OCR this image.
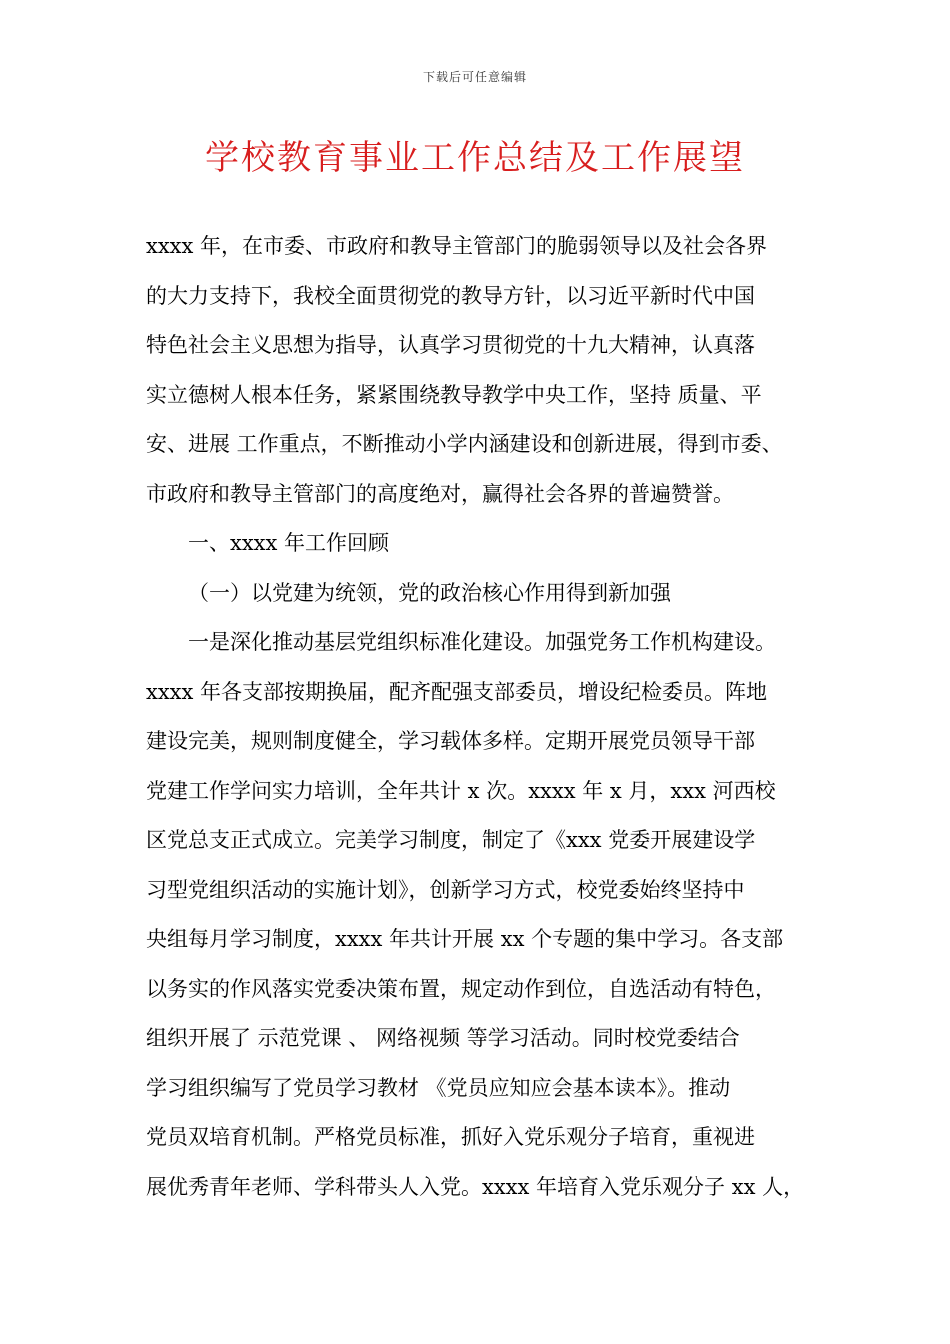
下载后可任意编辑
学校教育事业工作总结及工作展望
xxxx 年，在市委、市政府和教导主管部门的脆弱领导以及社会各界
的大力支持下，我校全面贯彻党的教导方针，以习近平新时代中国
特色社会主义思想为指导，认真学习贯彻党的十九大精神，认真落
实立德树人根本任务，紧紧围绕教导教学中央工作，坚持 质量、平
安、进展 工作重点，不断推动小学内涵建设和创新进展，得到市委、
市政府和教导主管部门的高度绝对，赢得社会各界的普遍赞誉。
一、xxxx 年工作回顾
（一）以党建为统领，党的政治核心作用得到新加强
一是深化推动基层党组织标准化建设。加强党务工作机构建设。
xxxx 年各支部按期换届，配齐配强支部委员，增设纪检委员。阵地
建设完美，规则制度健全，学习载体多样。定期开展党员领导干部
党建工作学问实力培训，全年共计 x 次。xxxx 年 x 月，xxx 河西校
区党总支正式成立。完美学习制度，制定了《xxx 党委开展建设学
习型党组织活动的实施计划》，创新学习方式，校党委始终坚持中
央组每月学习制度，xxxx 年共计开展 xx 个专题的集中学习。各支部
以务实的作风落实党委决策布置，规定动作到位，自选活动有特色，
组织开展了 示范党课 、 网络视频 等学习活动。同时校党委结合
学习组织编写了党员学习教材 《党员应知应会基本读本》。推动
党员双培育机制。严格党员标准，抓好入党乐观分子培育，重视进
展优秀青年老师、学科带头人入党。xxxx 年培育入党乐观分子 xx 人，
